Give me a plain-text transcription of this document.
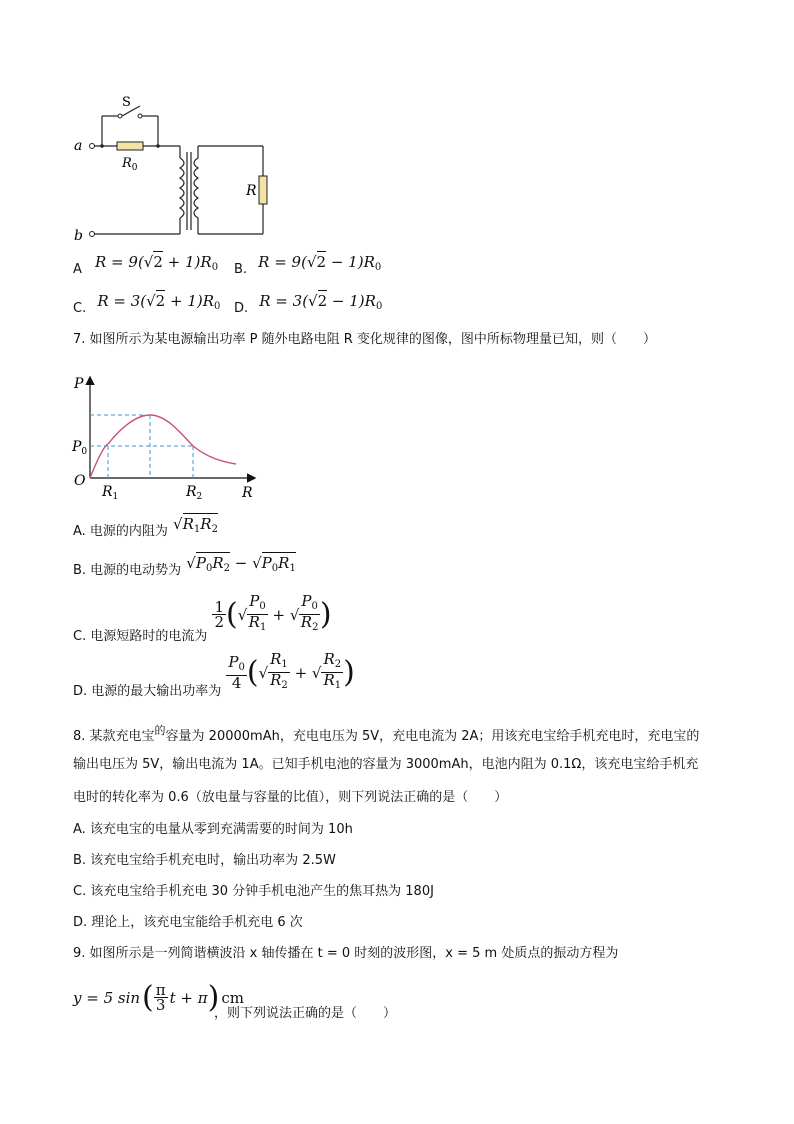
S
a
b
$R_0$
R
$_A$ $R = 9(√2 + 1)R_0$ $_{B.}$ $R = 9(√2 - 1)R_0$
$_{C.}$ $R = 3(√2 + 1)R_0$ $_{D.}$ $R = 3(√2 - 1)R_0$
7. 如图所示为某电源输出功率 P 随外电路电阻 R 变化规律的图像，图中所标物理量已知，则（　　）
P
R
O
$P_0$
$R_1$	$R_2$
$_{A. 电源的内阻为}$ $√R_1R_2$
$_{B. 电源的电动势为}$ $√P_0R_2 - √P_0R_1$
$_{C. 电源短路时的电流为}$
$\frac{1}{2}$ ( √ $\frac{P_0}{R_1}$ + √ $\frac{P_0}{R_2}$ )
$_{D. 电源的最大输出功率为}$
$\frac{P_0}{4}$ ( √ $\frac{R_1}{R_2}$ + √ $\frac{R_2}{R_1}$ )
8. 某款充电宝$^的$容量为 20000mAh，充电电压为 5V，充电电流为 2A；用该充电宝给手机充电时，充电宝的
输出电压为 5V，输出电流为 1A。已知手机电池的容量为 3000mAh，电池内阻为 0.1Ω，该充电宝给手机充
电时的转化率为 0.6（放电量与容量的比值），则下列说法正确的是（　　）
A. 该充电宝的电量从零到充满需要的时间为 10h
B. 该充电宝给手机充电时，输出功率为 2.5W
C. 该充电宝给手机充电 30 分钟手机电池产生的焦耳热为 180J
D. 理论上，该充电宝能给手机充电 6 次
9. 如图所示是一列简谐横波沿 x 轴传播在 t = 0 时刻的波形图，x = 5 m 处质点的振动方程为
y = 5 sin ( $\frac{\pi}{3}$ t + π ) cm
，则下列说法正确的是（　　）
